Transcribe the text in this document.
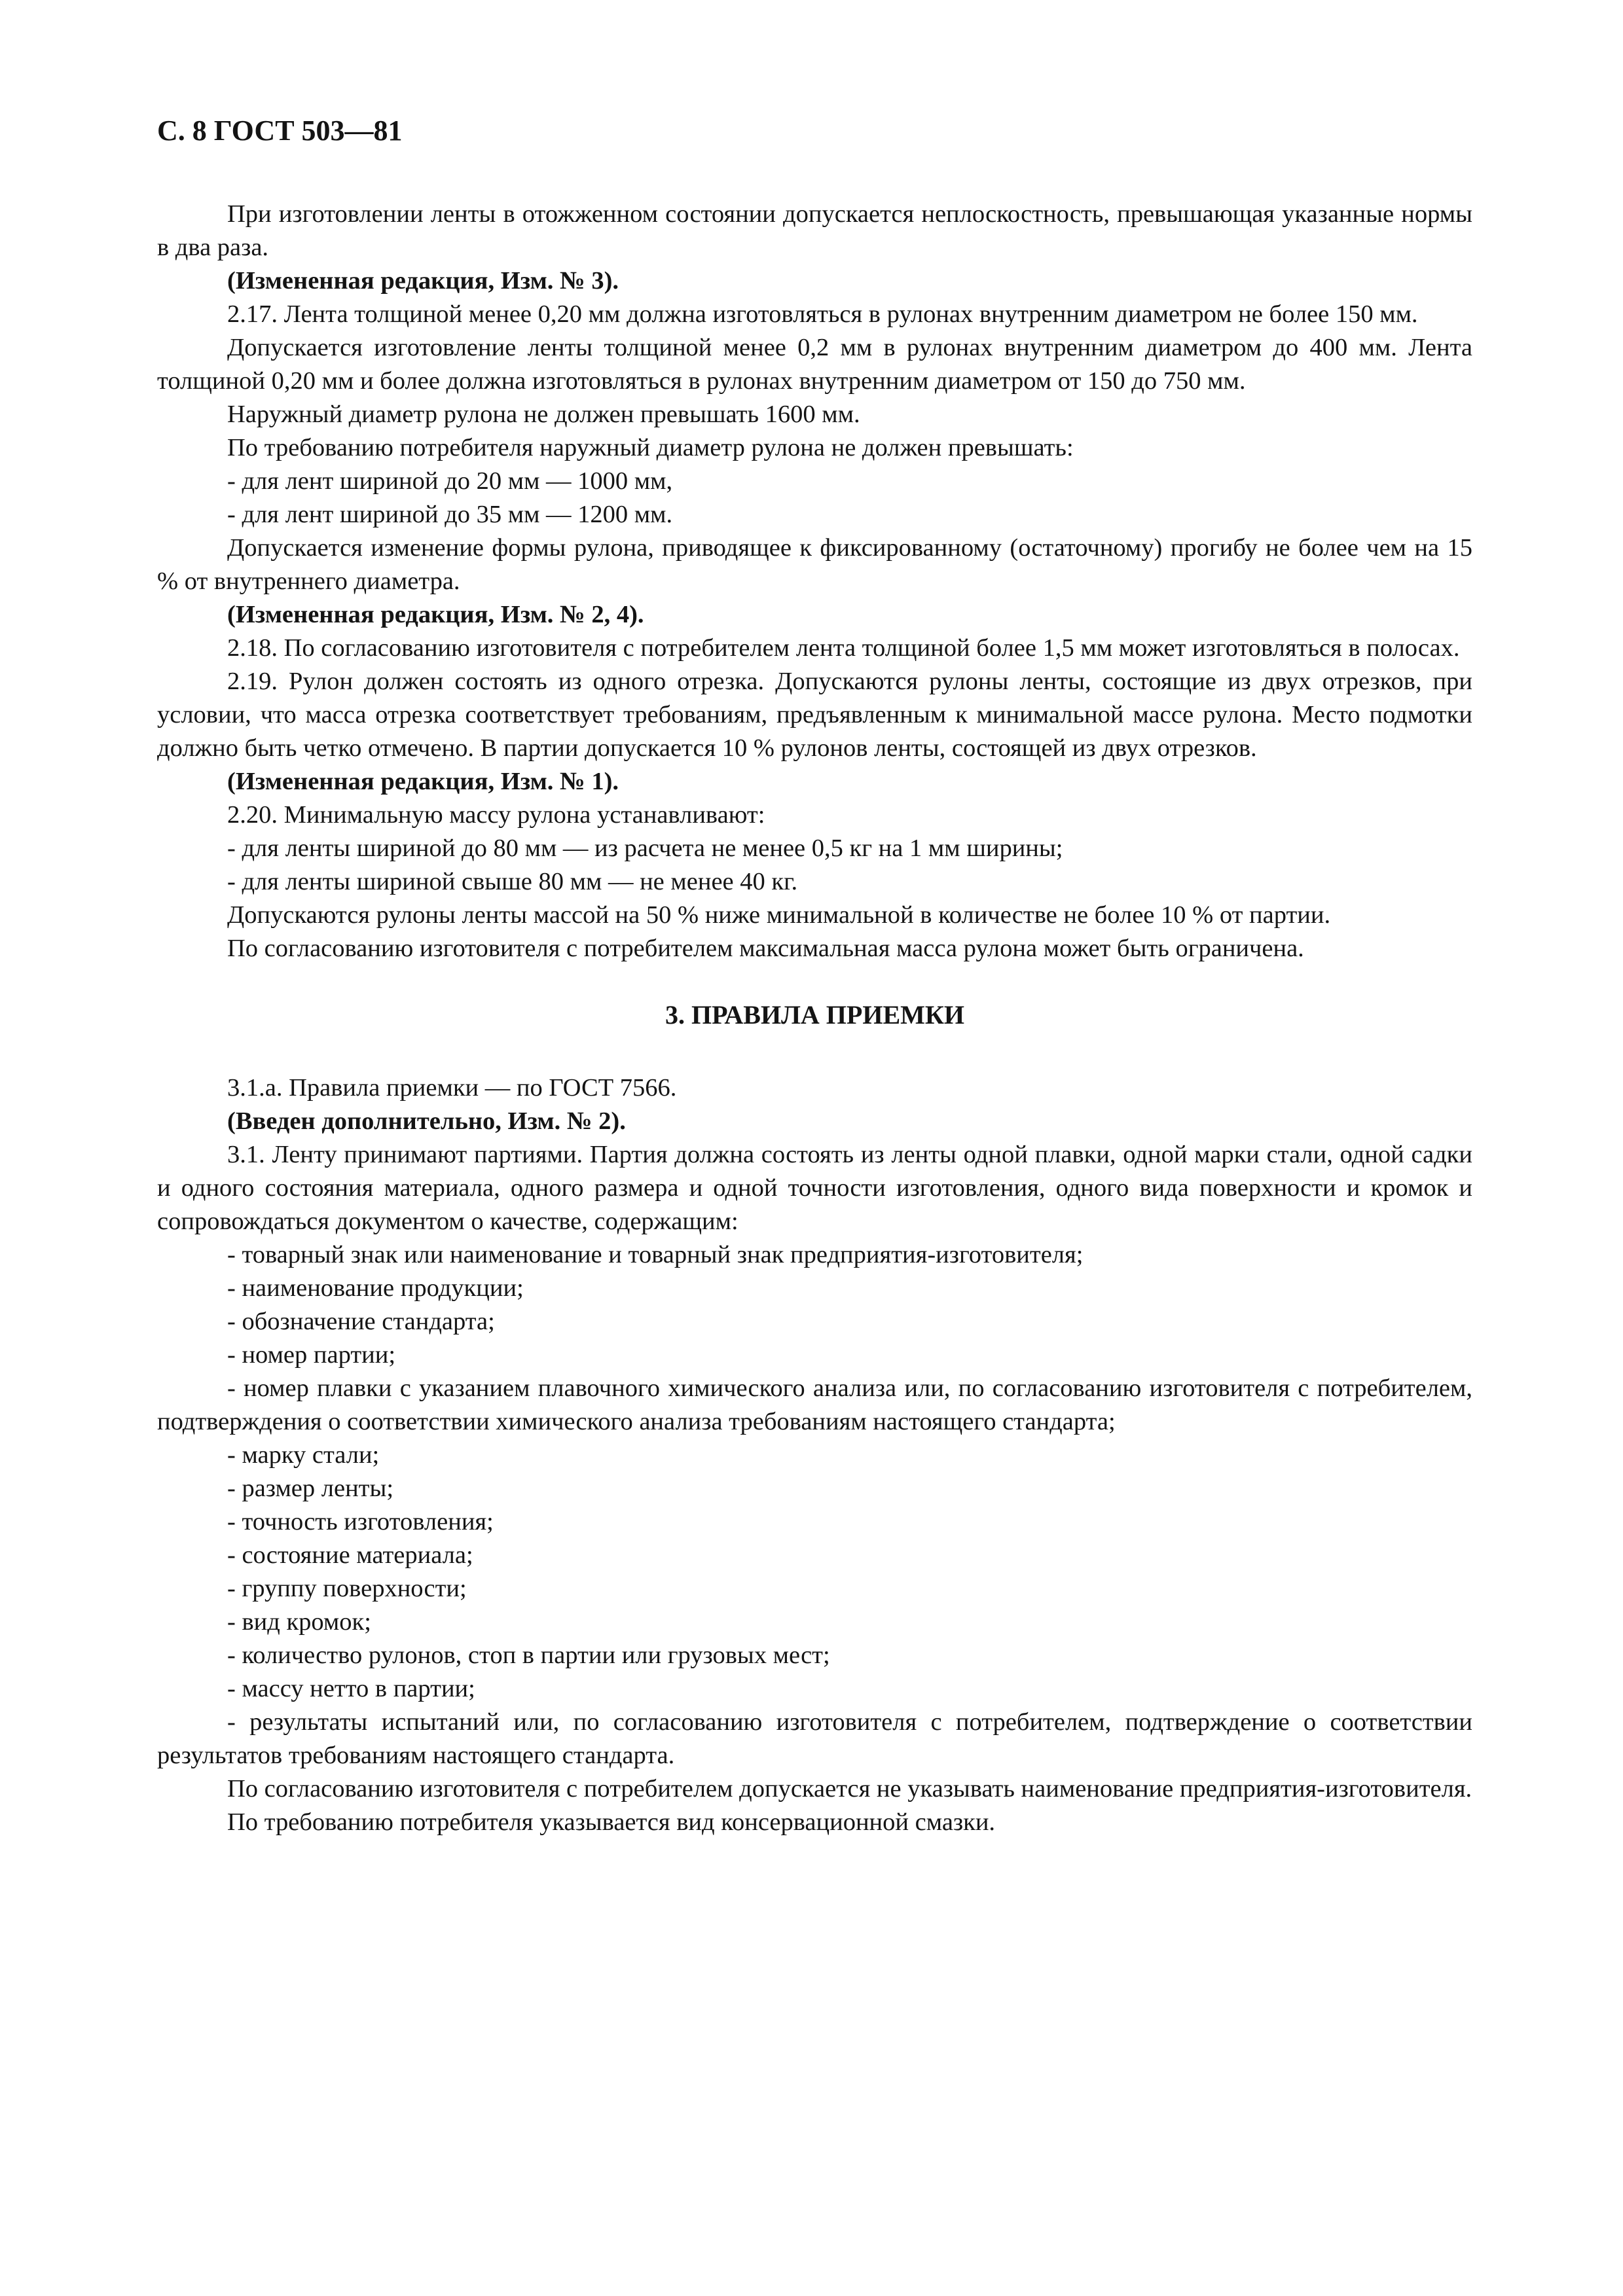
С. 8 ГОСТ 503—81

При изготовлении ленты в отожженном состоянии допускается неплоскостность, превышающая указанные нормы в два раза.

(Измененная редакция, Изм. № 3).

2.17. Лента толщиной менее 0,20 мм должна изготовляться в рулонах внутренним диаметром не более 150 мм.

Допускается изготовление ленты толщиной менее 0,2 мм в рулонах внутренним диаметром до 400 мм. Лента толщиной 0,20 мм и более должна изготовляться в рулонах внутренним диаметром от 150 до 750 мм.

Наружный диаметр рулона не должен превышать 1600 мм.

По требованию потребителя наружный диаметр рулона не должен превышать:

- для лент шириной до 20 мм — 1000 мм,

- для лент шириной до 35 мм — 1200 мм.

Допускается изменение формы рулона, приводящее к фиксированному (остаточному) прогибу не более чем на 15 % от внутреннего диаметра.

(Измененная редакция, Изм. № 2, 4).

2.18. По согласованию изготовителя с потребителем лента толщиной более 1,5 мм может изготовляться в полосах.

2.19. Рулон должен состоять из одного отрезка. Допускаются рулоны ленты, состоящие из двух отрезков, при условии, что масса отрезка соответствует требованиям, предъявленным к минимальной массе рулона. Место подмотки должно быть четко отмечено. В партии допускается 10 % рулонов ленты, состоящей из двух отрезков.

(Измененная редакция, Изм. № 1).

2.20. Минимальную массу рулона устанавливают:

- для ленты шириной до 80 мм — из расчета не менее 0,5 кг на 1 мм ширины;

- для ленты шириной свыше 80 мм — не менее 40 кг.

Допускаются рулоны ленты массой на 50 % ниже минимальной в количестве не более 10 % от партии.

По согласованию изготовителя с потребителем максимальная масса рулона может быть ограничена.

3. ПРАВИЛА ПРИЕМКИ

3.1.а. Правила приемки — по ГОСТ 7566.

(Введен дополнительно, Изм. № 2).

3.1. Ленту принимают партиями. Партия должна состоять из ленты одной плавки, одной марки стали, одной садки и одного состояния материала, одного размера и одной точности изготовления, одного вида поверхности и кромок и сопровождаться документом о качестве, содержащим:

- товарный знак или наименование и товарный знак предприятия-изготовителя;

- наименование продукции;

- обозначение стандарта;

- номер партии;

- номер плавки с указанием плавочного химического анализа или, по согласованию изготовителя с потребителем, подтверждения о соответствии химического анализа требованиям настоящего стандарта;

- марку стали;

- размер ленты;

- точность изготовления;

- состояние материала;

- группу поверхности;

- вид кромок;

- количество рулонов, стоп в партии или грузовых мест;

- массу нетто в партии;

- результаты испытаний или, по согласованию изготовителя с потребителем, подтверждение о соответствии результатов требованиям настоящего стандарта.

По согласованию изготовителя с потребителем допускается не указывать наименование предприятия-изготовителя.

По требованию потребителя указывается вид консервационной смазки.
